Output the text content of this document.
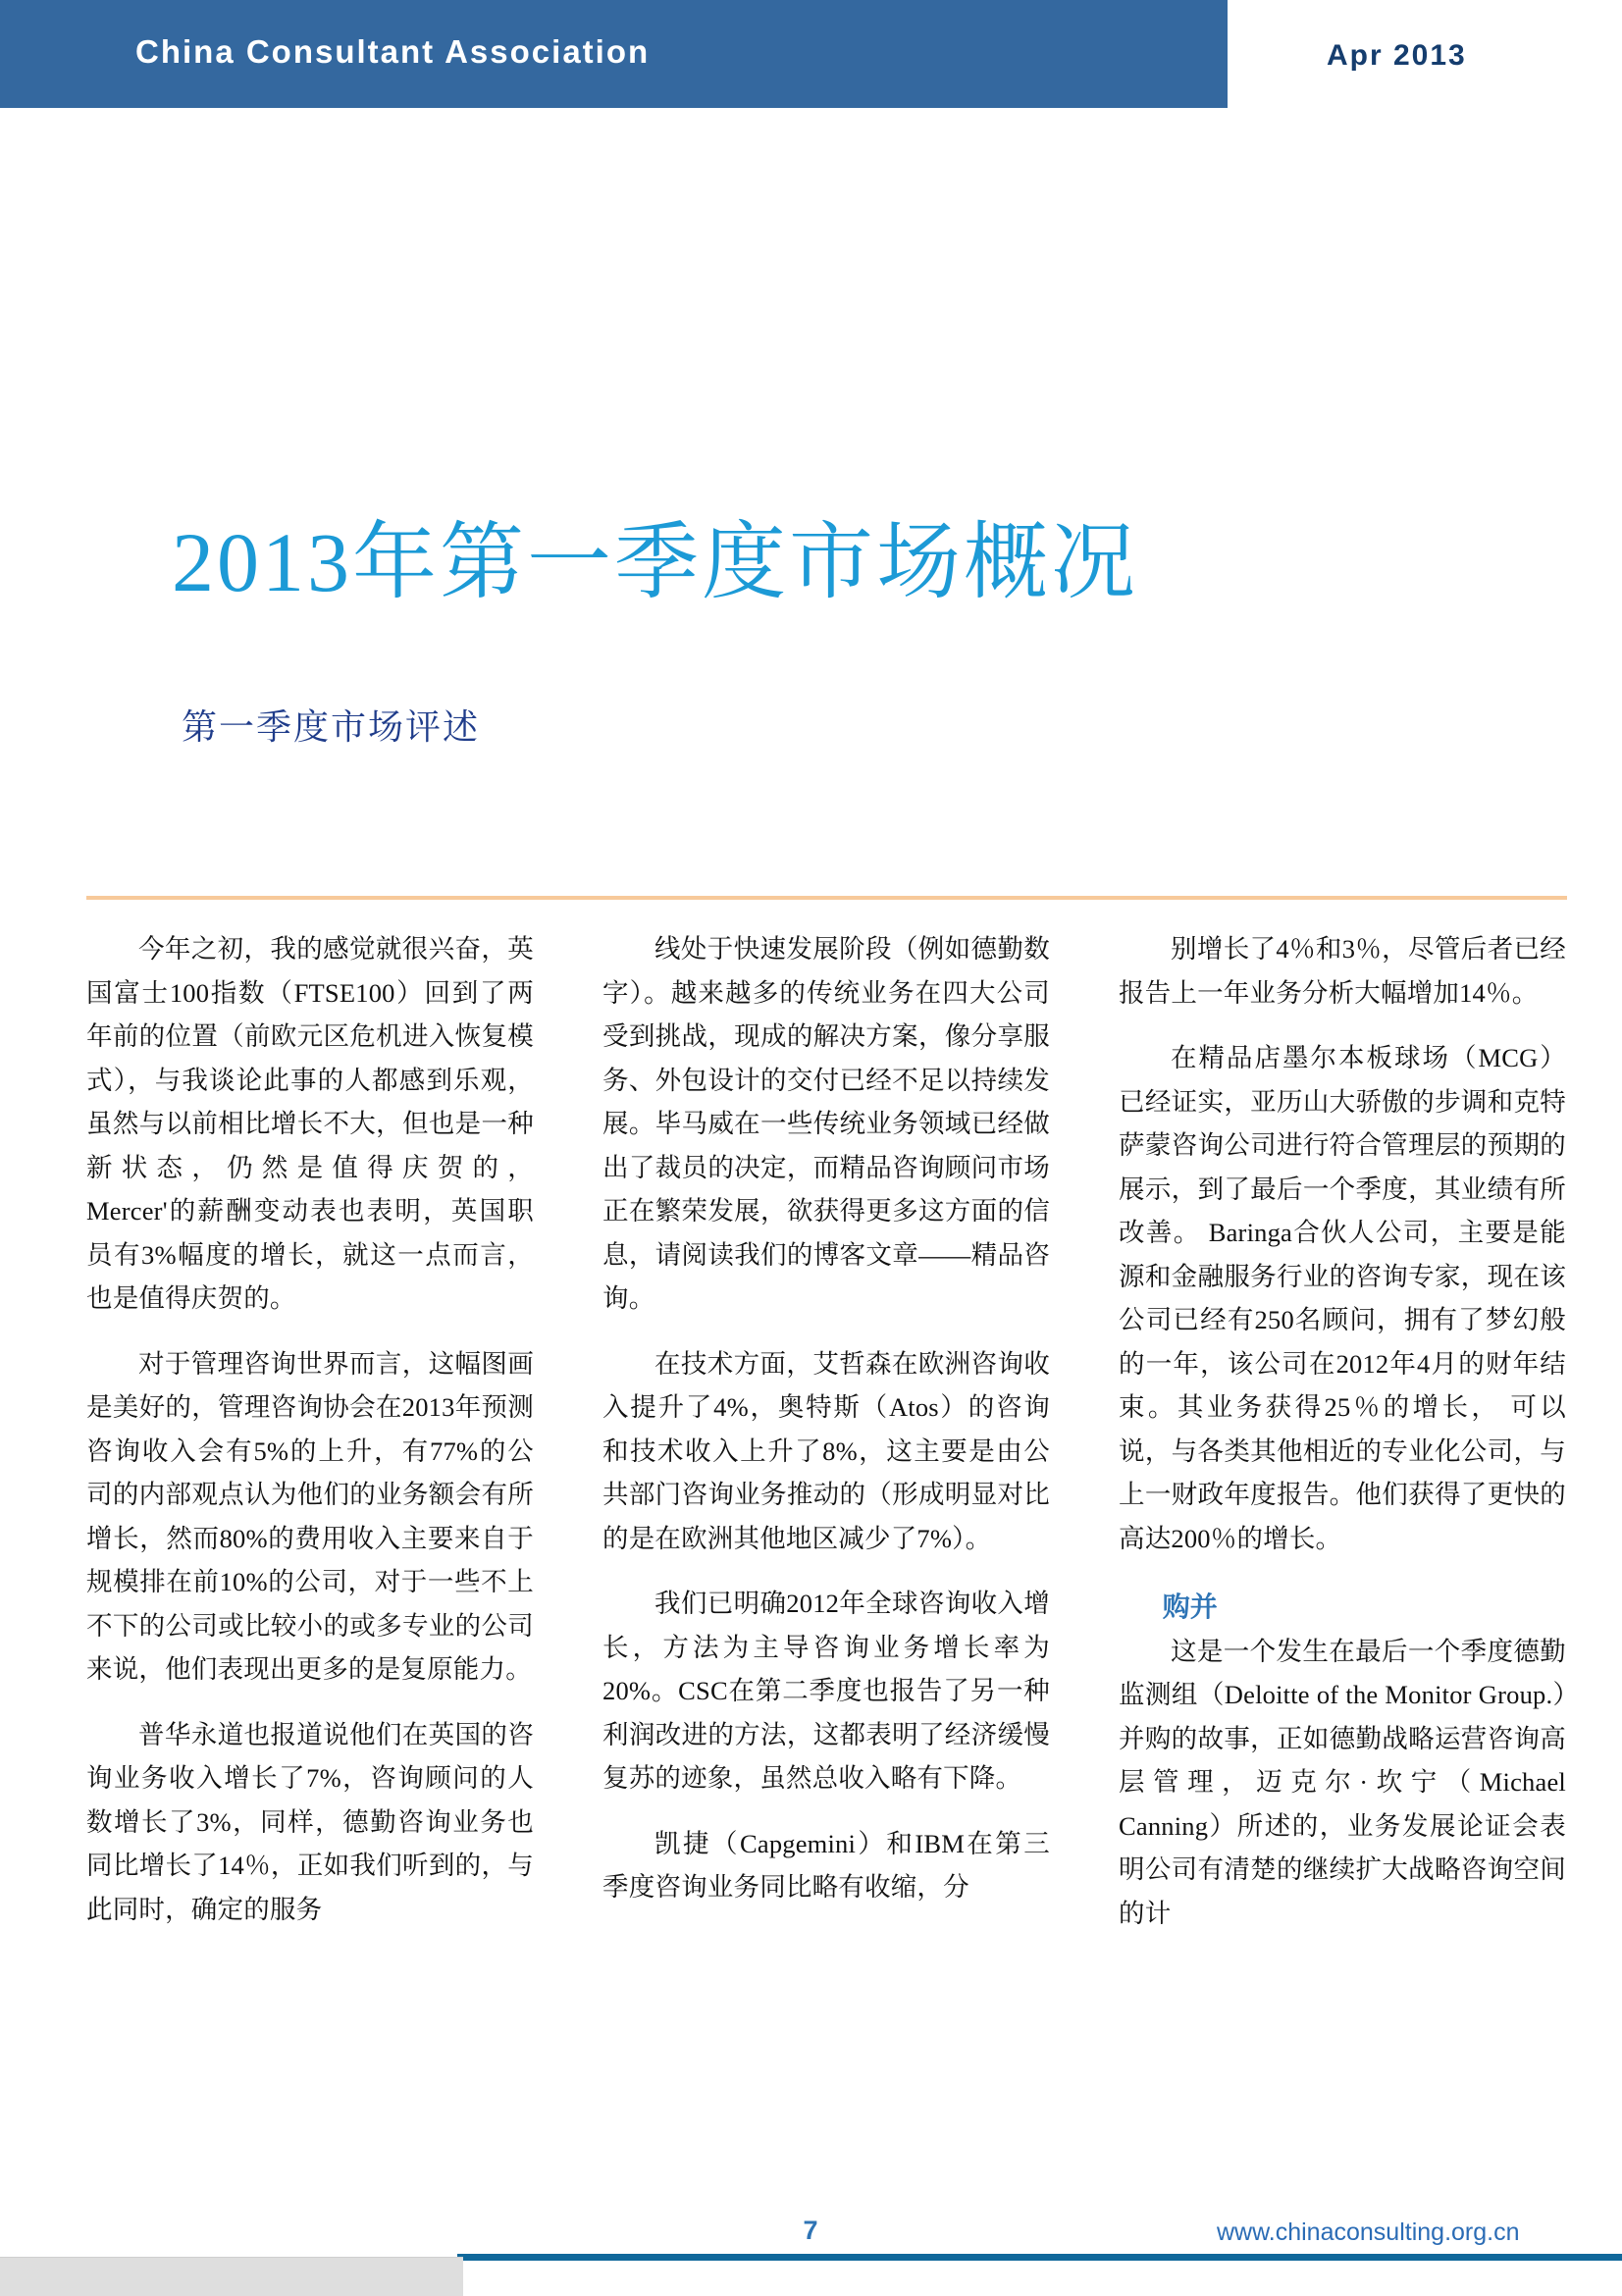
China Consultant Association	Apr 2013
2013年第一季度市场概况
第一季度市场评述

今年之初，我的感觉就很兴奋，英国富士100指数（FTSE100）回到了两年前的位置（前欧元区危机进入恢复模式），与我谈论此事的人都感到乐观，虽然与以前相比增长不大，但也是一种新状态，仍然是值得庆贺的，Mercer'的薪酬变动表也表明，英国职员有3%幅度的增长，就这一点而言，也是值得庆贺的。

对于管理咨询世界而言，这幅图画是美好的，管理咨询协会在2013年预测咨询收入会有5%的上升，有77%的公司的内部观点认为他们的业务额会有所增长，然而80%的费用收入主要来自于规模排在前10%的公司，对于一些不上不下的公司或比较小的或多专业的公司来说，他们表现出更多的是复原能力。

普华永道也报道说他们在英国的咨询业务收入增长了7%，咨询顾问的人数增长了3%，同样，德勤咨询业务也同比增长了14％，正如我们听到的，与此同时，确定的服务

线处于快速发展阶段（例如德勤数字）。越来越多的传统业务在四大公司受到挑战，现成的解决方案，像分享服务、外包设计的交付已经不足以持续发展。毕马威在一些传统业务领域已经做出了裁员的决定，而精品咨询顾问市场正在繁荣发展，欲获得更多这方面的信息，请阅读我们的博客文章——精品咨询。

在技术方面，艾哲森在欧洲咨询收入提升了4%，奥特斯（Atos）的咨询和技术收入上升了8%，这主要是由公共部门咨询业务推动的（形成明显对比的是在欧洲其他地区减少了7%）。

我们已明确2012年全球咨询收入增长，方法为主导咨询业务增长率为20%。CSC在第二季度也报告了另一种利润改进的方法，这都表明了经济缓慢复苏的迹象，虽然总收入略有下降。

凯捷（Capgemini）和IBM在第三季度咨询业务同比略有收缩，分

别增长了4％和3％，尽管后者已经报告上一年业务分析大幅增加14％。

在精品店墨尔本板球场（MCG）已经证实，亚历山大骄傲的步调和克特萨蒙咨询公司进行符合管理层的预期的展示，到了最后一个季度，其业绩有所改善。 Baringa合伙人公司，主要是能源和金融服务行业的咨询专家，现在该公司已经有250名顾问，拥有了梦幻般的一年，该公司在2012年4月的财年结束。其业务获得25％的增长， 可以说，与各类其他相近的专业化公司，与上一财政年度报告。他们获得了更快的高达200％的增长。

购并

这是一个发生在最后一个季度德勤监测组（Deloitte of the Monitor Group.）并购的故事，正如德勤战略运营咨询高层管理，迈克尔·坎宁（Michael Canning）所述的，业务发展论证会表明公司有清楚的继续扩大战略咨询空间的计

7	www.chinaconsulting.org.cn
